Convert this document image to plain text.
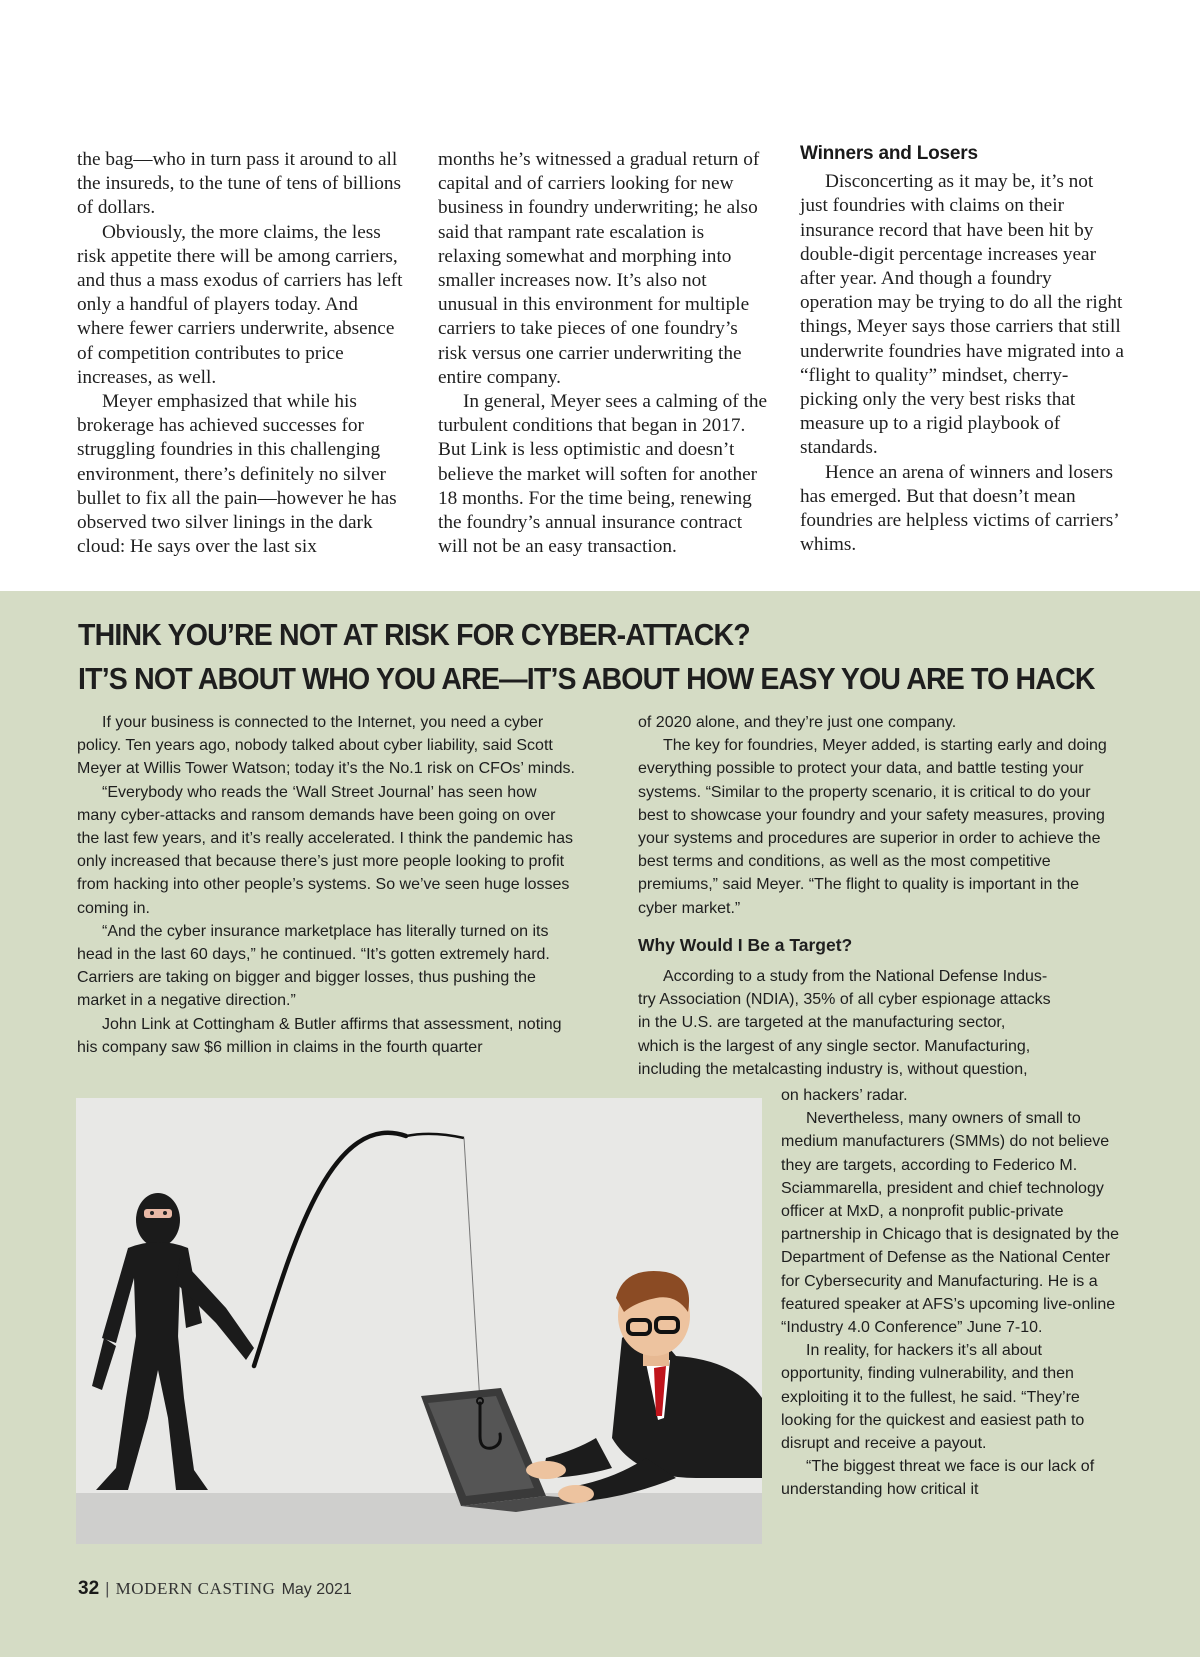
the bag—who in turn pass it around to all the insureds, to the tune of tens of billions of dollars.

Obviously, the more claims, the less risk appetite there will be among carriers, and thus a mass exodus of carriers has left only a handful of players today. And where fewer carriers underwrite, absence of competition contributes to price increases, as well.

Meyer emphasized that while his brokerage has achieved successes for struggling foundries in this challenging environment, there’s definitely no silver bullet to fix all the pain—however he has observed two silver linings in the dark cloud: He says over the last six

months he’s witnessed a gradual return of capital and of carriers looking for new business in foundry underwriting; he also said that rampant rate escalation is relaxing somewhat and morphing into smaller increases now. It’s also not unusual in this environment for multiple carriers to take pieces of one foundry’s risk versus one carrier underwriting the entire company.

In general, Meyer sees a calming of the turbulent conditions that began in 2017. But Link is less optimistic and doesn’t believe the market will soften for another 18 months. For the time being, renewing the foundry’s annual insurance contract will not be an easy transaction.

Winners and Losers

Disconcerting as it may be, it’s not just foundries with claims on their insurance record that have been hit by double-digit percentage increases year after year. And though a foundry operation may be trying to do all the right things, Meyer says those carriers that still underwrite foundries have migrated into a “flight to quality” mindset, cherry-picking only the very best risks that measure up to a rigid playbook of standards.

Hence an arena of winners and losers has emerged. But that doesn’t mean foundries are helpless victims of carriers’ whims.

THINK YOU’RE NOT AT RISK FOR CYBER-ATTACK?
IT’S NOT ABOUT WHO YOU ARE—IT’S ABOUT HOW EASY YOU ARE TO HACK

If your business is connected to the Internet, you need a cyber policy. Ten years ago, nobody talked about cyber liability, said Scott Meyer at Willis Tower Watson; today it’s the No.1 risk on CFOs’ minds.

“Everybody who reads the ‘Wall Street Journal’ has seen how many cyber-attacks and ransom demands have been going on over the last few years, and it’s really accelerated. I think the pandemic has only increased that because there’s just more people looking to profit from hacking into other people’s systems. So we’ve seen huge losses coming in.

“And the cyber insurance marketplace has literally turned on its head in the last 60 days,” he continued. “It’s gotten extremely hard. Carriers are taking on bigger and bigger losses, thus pushing the market in a negative direction.”

John Link at Cottingham & Butler affirms that assessment, noting his company saw $6 million in claims in the fourth quarter

of 2020 alone, and they’re just one company.

The key for foundries, Meyer added, is starting early and doing everything possible to protect your data, and battle testing your systems. “Similar to the property scenario, it is critical to do your best to showcase your foundry and your safety measures, proving your systems and procedures are superior in order to achieve the best terms and conditions, as well as the most competitive premiums,” said Meyer. “The flight to quality is important in the cyber market.”

Why Would I Be a Target?

According to a study from the National Defense Indus-

try Association (NDIA), 35% of all cyber espionage attacks

in the U.S. are targeted at the manufacturing sector,

which is the largest of any single sector. Manufacturing,

including the metalcasting industry is, without question,

on hackers’ radar.

Nevertheless, many owners of small to medium manufacturers (SMMs) do not believe they are targets, according to Federico M. Sciammarella, president and chief technology officer at MxD, a nonprofit public-private partnership in Chicago that is designated by the Department of Defense as the National Center for Cybersecurity and Manufacturing. He is a featured speaker at AFS’s upcoming live-online “Industry 4.0 Conference” June 7-10.

In reality, for hackers it’s all about opportunity, finding vulnerability, and then exploiting it to the fullest, he said. “They’re looking for the quickest and easiest path to disrupt and receive a payout.

“The biggest threat we face is our lack of understanding how critical it

32 | MODERN CASTING May 2021
